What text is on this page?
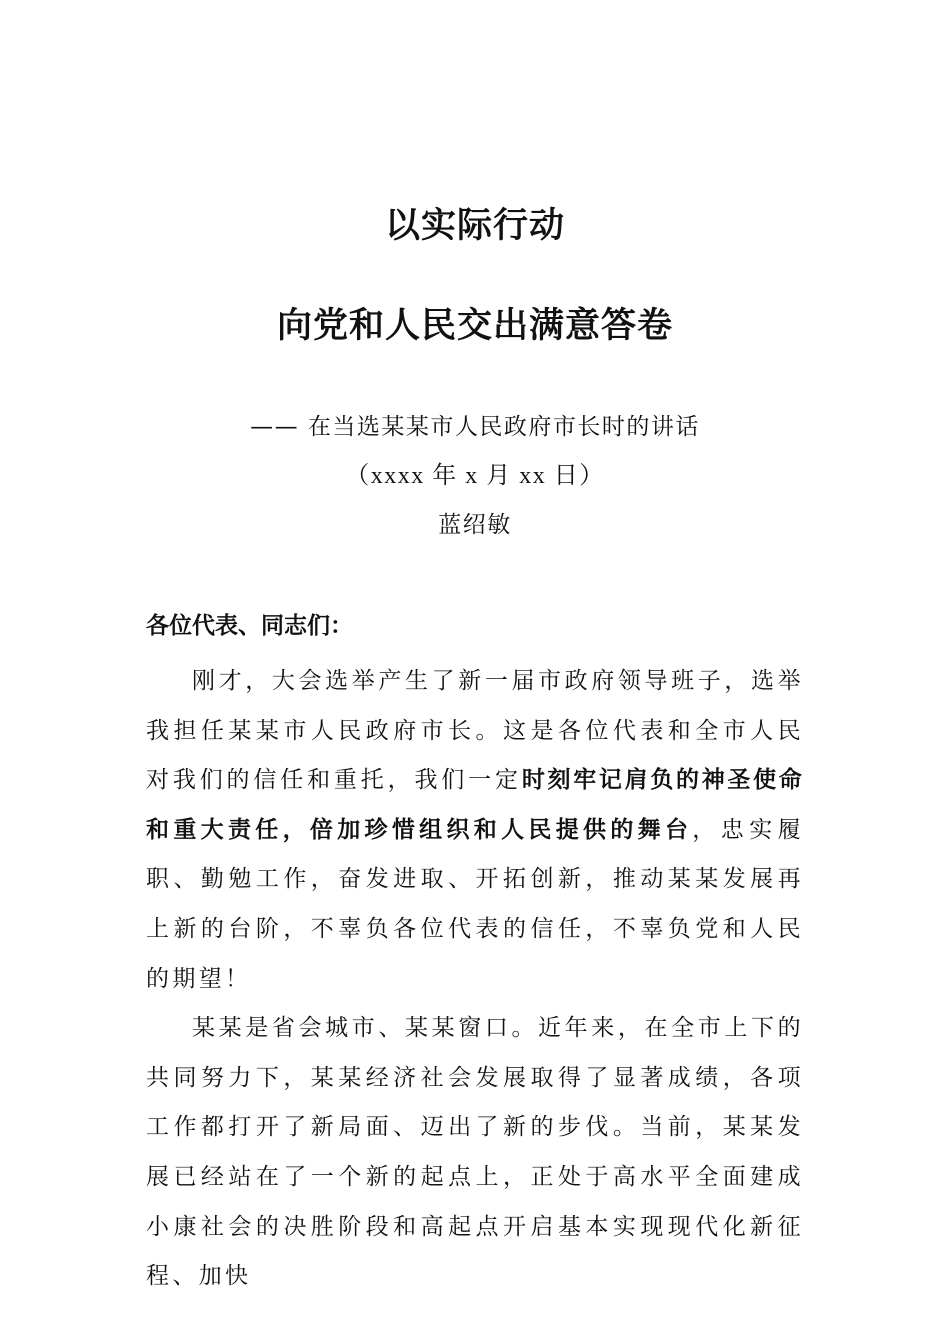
以实际行动
向党和人民交出满意答卷
—— 在当选某某市人民政府市长时的讲话
（xxxx 年 x 月 xx 日）
蓝绍敏
各位代表、同志们：

刚才，大会选举产生了新一届市政府领导班子，选举我担任某某市人民政府市长。这是各位代表和全市人民对我们的信任和重托，我们一定时刻牢记肩负的神圣使命和重大责任，倍加珍惜组织和人民提供的舞台，忠实履职、勤勉工作，奋发进取、开拓创新，推动某某发展再上新的台阶，不辜负各位代表的信任，不辜负党和人民的期望！

某某是省会城市、某某窗口。近年来，在全市上下的共同努力下，某某经济社会发展取得了显著成绩，各项工作都打开了新局面、迈出了新的步伐。当前，某某发展已经站在了一个新的起点上，正处于高水平全面建成小康社会的决胜阶段和高起点开启基本实现现代化新征程、加快
